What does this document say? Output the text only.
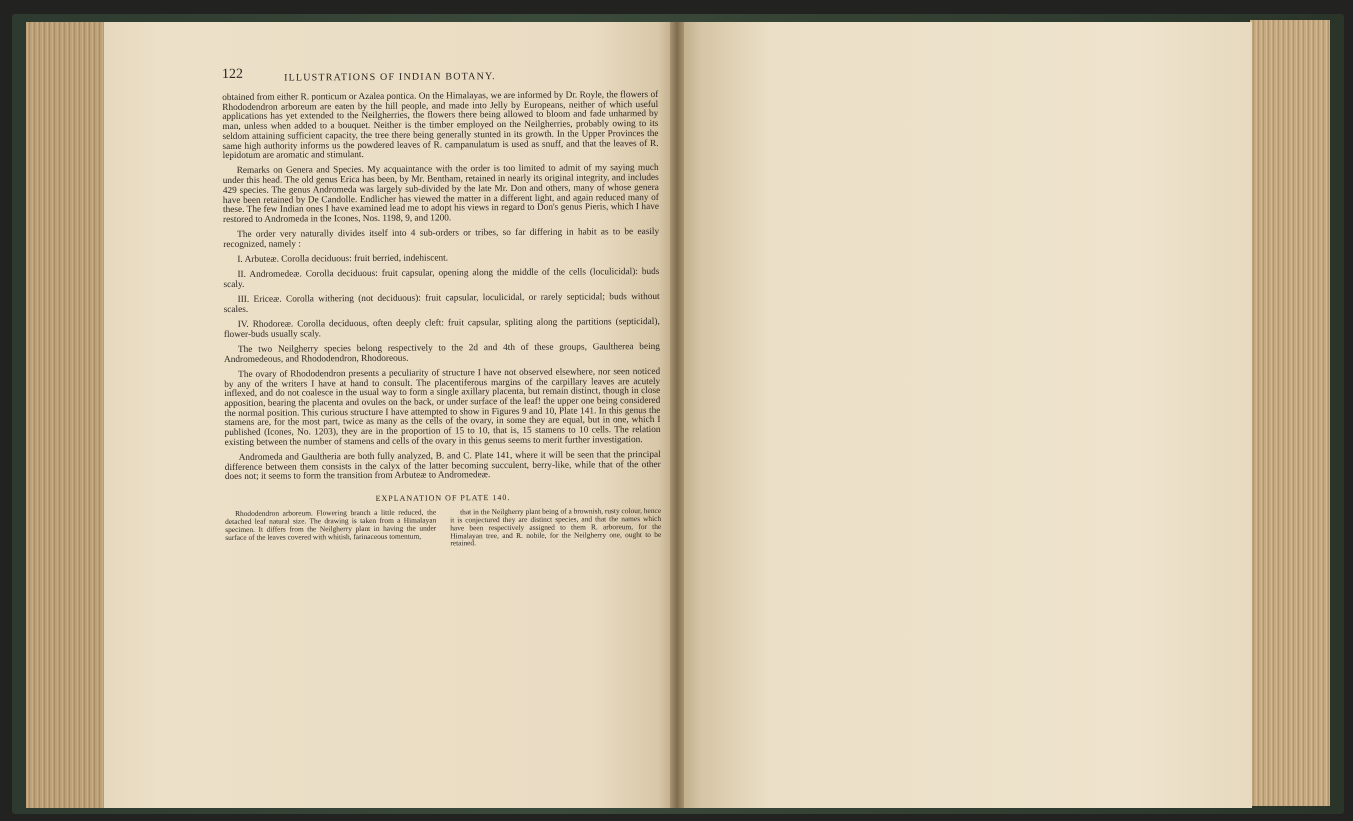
122	ILLUSTRATIONS OF INDIAN BOTANY.

obtained from either R. ponticum or Azalea pontica. On the Himalayas, we are informed by Dr. Royle, the flowers of Rhododendron arboreum are eaten by the hill people, and made into Jelly by Europeans, neither of which useful applications has yet extended to the Neilgherries, the flowers there being allowed to bloom and fade unharmed by man, unless when added to a bouquet. Neither is the timber employed on the Neilgherries, probably owing to its seldom attaining sufficient capacity, the tree there being generally stunted in its growth. In the Upper Provinces the same high authority informs us the powdered leaves of R. campanulatum is used as snuff, and that the leaves of R. lepidotum are aromatic and stimulant.

Remarks on Genera and Species. My acquaintance with the order is too limited to admit of my saying much under this head. The old genus Erica has been, by Mr. Bentham, retained in nearly its original integrity, and includes 429 species. The genus Andromeda was largely sub-divided by the late Mr. Don and others, many of whose genera have been retained by De Candolle. Endlicher has viewed the matter in a different light, and again reduced many of these. The few Indian ones I have examined lead me to adopt his views in regard to Don's genus Pieris, which I have restored to Andromeda in the Icones, Nos. 1198, 9, and 1200.

The order very naturally divides itself into 4 sub-orders or tribes, so far differing in habit as to be easily recognized, namely :

I. Arbuteæ. Corolla deciduous: fruit berried, indehiscent.

II. Andromedeæ. Corolla deciduous: fruit capsular, opening along the middle of the cells (loculicidal): buds scaly.

III. Ericeæ. Corolla withering (not deciduous): fruit capsular, loculicidal, or rarely septicidal; buds without scales.

IV. Rhodoreæ. Corolla deciduous, often deeply cleft: fruit capsular, spliting along the partitions (septicidal), flower-buds usually scaly.

The two Neilgherry species belong respectively to the 2d and 4th of these groups, Gaultherea being Andromedeous, and Rhododendron, Rhodoreous.

The ovary of Rhododendron presents a peculiarity of structure I have not observed elsewhere, nor seen noticed by any of the writers I have at hand to consult. The placentiferous margins of the carpillary leaves are acutely inflexed, and do not coalesce in the usual way to form a single axillary placenta, but remain distinct, though in close apposition, bearing the placenta and ovules on the back, or under surface of the leaf! the upper one being considered the normal position. This curious structure I have attempted to show in Figures 9 and 10, Plate 141. In this genus the stamens are, for the most part, twice as many as the cells of the ovary, in some they are equal, but in one, which I published (Icones, No. 1203), they are in the proportion of 15 to 10, that is, 15 stamens to 10 cells. The relation existing between the number of stamens and cells of the ovary in this genus seems to merit further investigation.

Andromeda and Gaultheria are both fully analyzed, B. and C. Plate 141, where it will be seen that the principal difference between them consists in the calyx of the latter becoming succulent, berry-like, while that of the other does not; it seems to form the transition from Arbuteæ to Andromedeæ.

EXPLANATION OF PLATE 140.

Rhododendron arboreum. Flowering branch a little reduced, the detached leaf natural size. The drawing is taken from a Himalayan specimen. It differs from the Neilgherry plant in having the under surface of the leaves covered with whitish, farinaceous tomentum,

that in the Neilgherry plant being of a brownish, rusty colour, hence it is conjectured they are distinct species, and that the names which have been respectively assigned to them R. arboreum, for the Himalayan tree, and R. nobile, for the Neilgherry one, ought to be retained.
